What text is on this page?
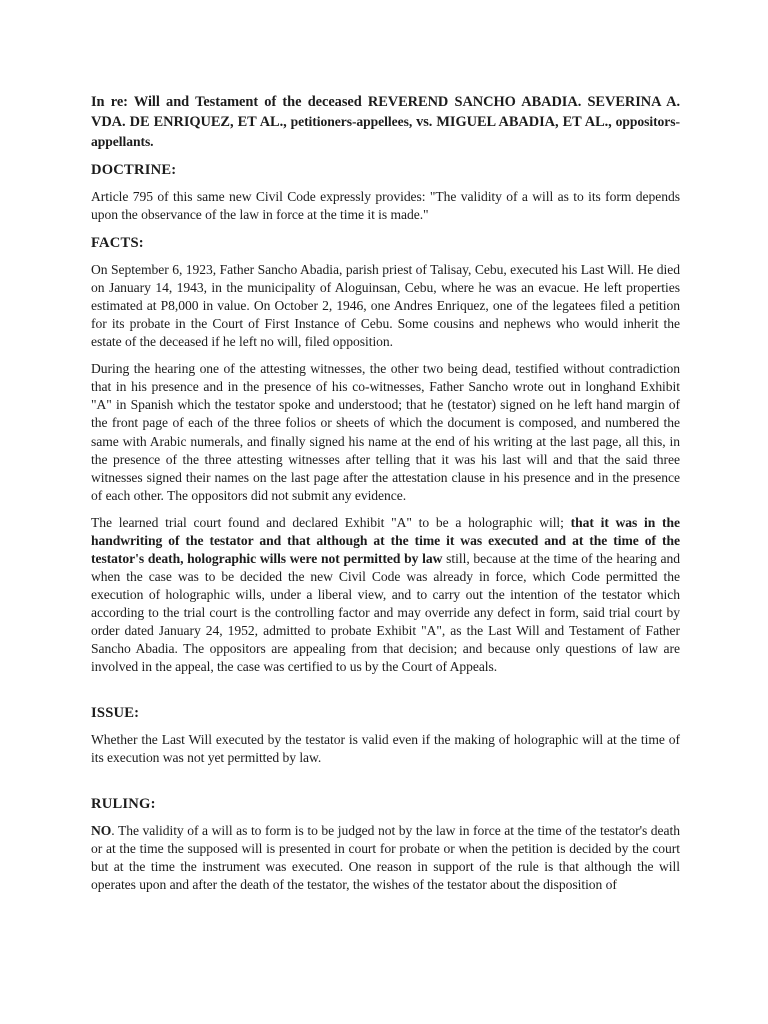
In re: Will and Testament of the deceased REVEREND SANCHO ABADIA. SEVERINA A. VDA. DE ENRIQUEZ, ET AL., petitioners-appellees, vs. MIGUEL ABADIA, ET AL., oppositors-appellants.

DOCTRINE:

Article 795 of this same new Civil Code expressly provides: "The validity of a will as to its form depends upon the observance of the law in force at the time it is made."

FACTS:

On September 6, 1923, Father Sancho Abadia, parish priest of Talisay, Cebu, executed his Last Will. He died on January 14, 1943, in the municipality of Aloguinsan, Cebu, where he was an evacue. He left properties estimated at P8,000 in value. On October 2, 1946, one Andres Enriquez, one of the legatees filed a petition for its probate in the Court of First Instance of Cebu. Some cousins and nephews who would inherit the estate of the deceased if he left no will, filed opposition.

During the hearing one of the attesting witnesses, the other two being dead, testified without contradiction that in his presence and in the presence of his co-witnesses, Father Sancho wrote out in longhand Exhibit "A" in Spanish which the testator spoke and understood; that he (testator) signed on he left hand margin of the front page of each of the three folios or sheets of which the document is composed, and numbered the same with Arabic numerals, and finally signed his name at the end of his writing at the last page, all this, in the presence of the three attesting witnesses after telling that it was his last will and that the said three witnesses signed their names on the last page after the attestation clause in his presence and in the presence of each other. The oppositors did not submit any evidence.

The learned trial court found and declared Exhibit "A" to be a holographic will; that it was in the handwriting of the testator and that although at the time it was executed and at the time of the testator's death, holographic wills were not permitted by law still, because at the time of the hearing and when the case was to be decided the new Civil Code was already in force, which Code permitted the execution of holographic wills, under a liberal view, and to carry out the intention of the testator which according to the trial court is the controlling factor and may override any defect in form, said trial court by order dated January 24, 1952, admitted to probate Exhibit "A", as the Last Will and Testament of Father Sancho Abadia. The oppositors are appealing from that decision; and because only questions of law are involved in the appeal, the case was certified to us by the Court of Appeals.

ISSUE:

Whether the Last Will executed by the testator is valid even if the making of holographic will at the time of its execution was not yet permitted by law.

RULING:

NO. The validity of a will as to form is to be judged not by the law in force at the time of the testator's death or at the time the supposed will is presented in court for probate or when the petition is decided by the court but at the time the instrument was executed. One reason in support of the rule is that although the will operates upon and after the death of the testator, the wishes of the testator about the disposition of
